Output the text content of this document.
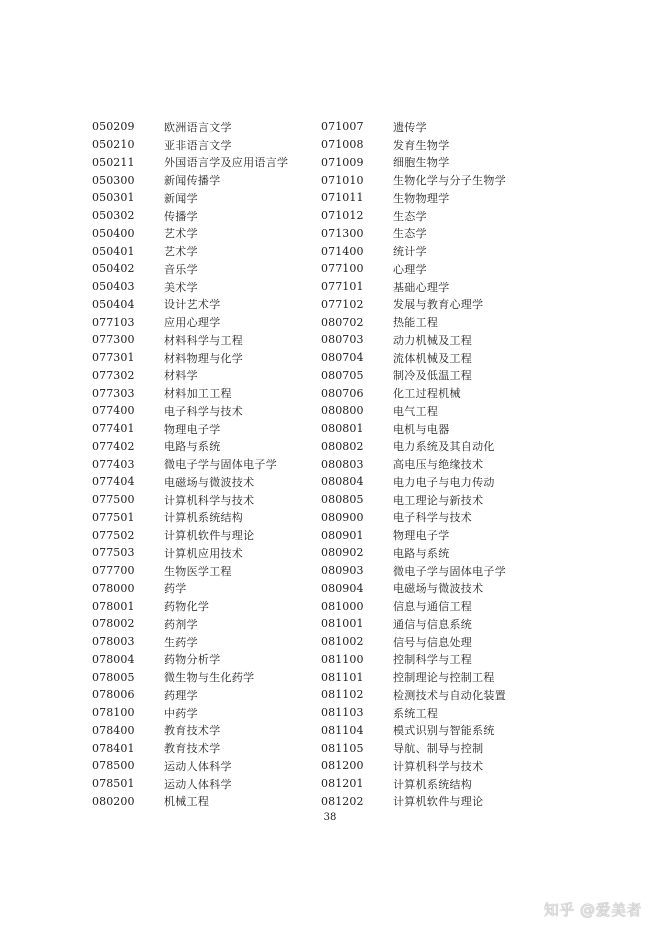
050209	欧洲语言文学
050210	亚非语言文学
050211	外国语言学及应用语言学
050300	新闻传播学
050301	新闻学
050302	传播学
050400	艺术学
050401	艺术学
050402	音乐学
050403	美术学
050404	设计艺术学
077103	应用心理学
077300	材料科学与工程
077301	材料物理与化学
077302	材料学
077303	材料加工工程
077400	电子科学与技术
077401	物理电子学
077402	电路与系统
077403	微电子学与固体电子学
077404	电磁场与微波技术
077500	计算机科学与技术
077501	计算机系统结构
077502	计算机软件与理论
077503	计算机应用技术
077700	生物医学工程
078000	药学
078001	药物化学
078002	药剂学
078003	生药学
078004	药物分析学
078005	微生物与生化药学
078006	药理学
078100	中药学
078400	教育技术学
078401	教育技术学
078500	运动人体科学
078501	运动人体科学
080200	机械工程
071007	遗传学
071008	发育生物学
071009	细胞生物学
071010	生物化学与分子生物学
071011	生物物理学
071012	生态学
071300	生态学
071400	统计学
077100	心理学
077101	基础心理学
077102	发展与教育心理学
080702	热能工程
080703	动力机械及工程
080704	流体机械及工程
080705	制冷及低温工程
080706	化工过程机械
080800	电气工程
080801	电机与电器
080802	电力系统及其自动化
080803	高电压与绝缘技术
080804	电力电子与电力传动
080805	电工理论与新技术
080900	电子科学与技术
080901	物理电子学
080902	电路与系统
080903	微电子学与固体电子学
080904	电磁场与微波技术
081000	信息与通信工程
081001	通信与信息系统
081002	信号与信息处理
081100	控制科学与工程
081101	控制理论与控制工程
081102	检测技术与自动化装置
081103	系统工程
081104	模式识别与智能系统
081105	导航、制导与控制
081200	计算机科学与技术
081201	计算机系统结构
081202	计算机软件与理论
38
知乎 @爱美者
